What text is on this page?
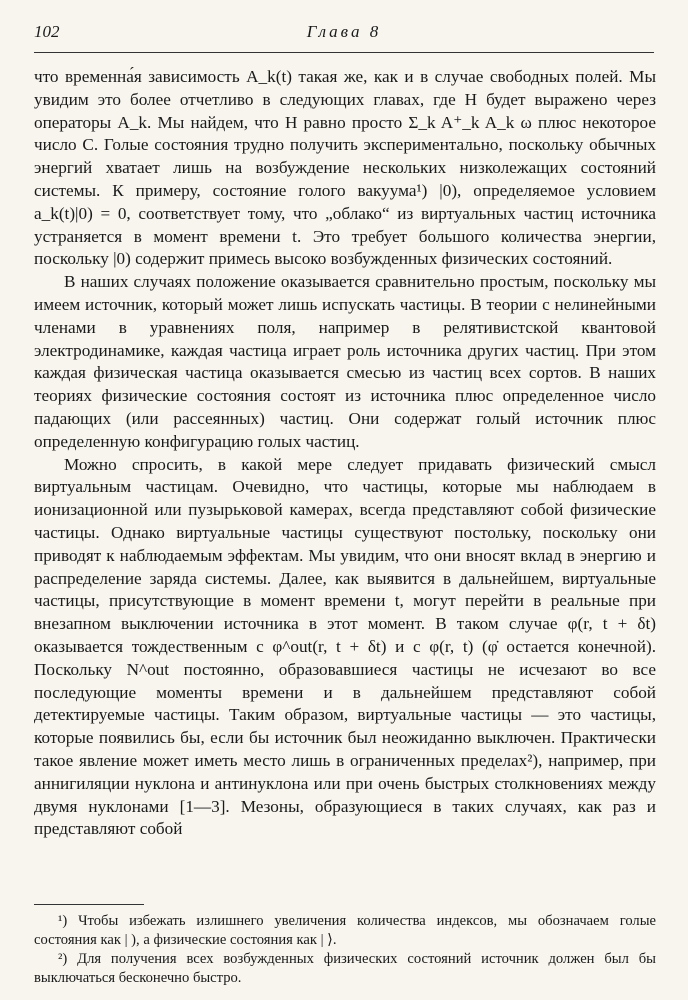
102	Глава 8

что временна́я зависимость A_k(t) такая же, как и в случае свободных полей. Мы увидим это более отчетливо в следующих главах, где H будет выражено через операторы A_k. Мы найдем, что H равно просто Σ_k A⁺_k A_k ω плюс некоторое число C. Голые состояния трудно получить экспериментально, поскольку обычных энергий хватает лишь на возбуждение нескольких низколежащих состояний системы. К примеру, состояние голого вакуума¹) |0), определяемое условием a_k(t)|0) = 0, соответствует тому, что „облако“ из виртуальных частиц источника устраняется в момент времени t. Это требует большого количества энергии, поскольку |0) содержит примесь высоко возбужденных физических состояний.

В наших случаях положение оказывается сравнительно простым, поскольку мы имеем источник, который может лишь испускать частицы. В теории с нелинейными членами в уравнениях поля, например в релятивистской квантовой электродинамике, каждая частица играет роль источника других частиц. При этом каждая физическая частица оказывается смесью из частиц всех сортов. В наших теориях физические состояния состоят из источника плюс определенное число падающих (или рассеянных) частиц. Они содержат голый источник плюс определенную конфигурацию голых частиц.

Можно спросить, в какой мере следует придавать физический смысл виртуальным частицам. Очевидно, что частицы, которые мы наблюдаем в ионизационной или пузырьковой камерах, всегда представляют собой физические частицы. Однако виртуальные частицы существуют постольку, поскольку они приводят к наблюдаемым эффектам. Мы увидим, что они вносят вклад в энергию и распределение заряда системы. Далее, как выявится в дальнейшем, виртуальные частицы, присутствующие в момент времени t, могут перейти в реальные при внезапном выключении источника в этот момент. В таком случае φ(r, t + δt) оказывается тождественным с φ^out(r, t + δt) и с φ(r, t) (φ̇ остается конечной). Поскольку N^out постоянно, образовавшиеся частицы не исчезают во все последующие моменты времени и в дальнейшем представляют собой детектируемые частицы. Таким образом, виртуальные частицы — это частицы, которые появились бы, если бы источник был неожиданно выключен. Практически такое явление может иметь место лишь в ограниченных пределах²), например, при аннигиляции нуклона и антинуклона или при очень быстрых столкновениях между двумя нуклонами [1—3]. Мезоны, образующиеся в таких случаях, как раз и представляют собой

¹) Чтобы избежать излишнего увеличения количества индексов, мы обозначаем голые состояния как | ), а физические состояния как | ⟩.

²) Для получения всех возбужденных физических состояний источник должен был бы выключаться бесконечно быстро.
